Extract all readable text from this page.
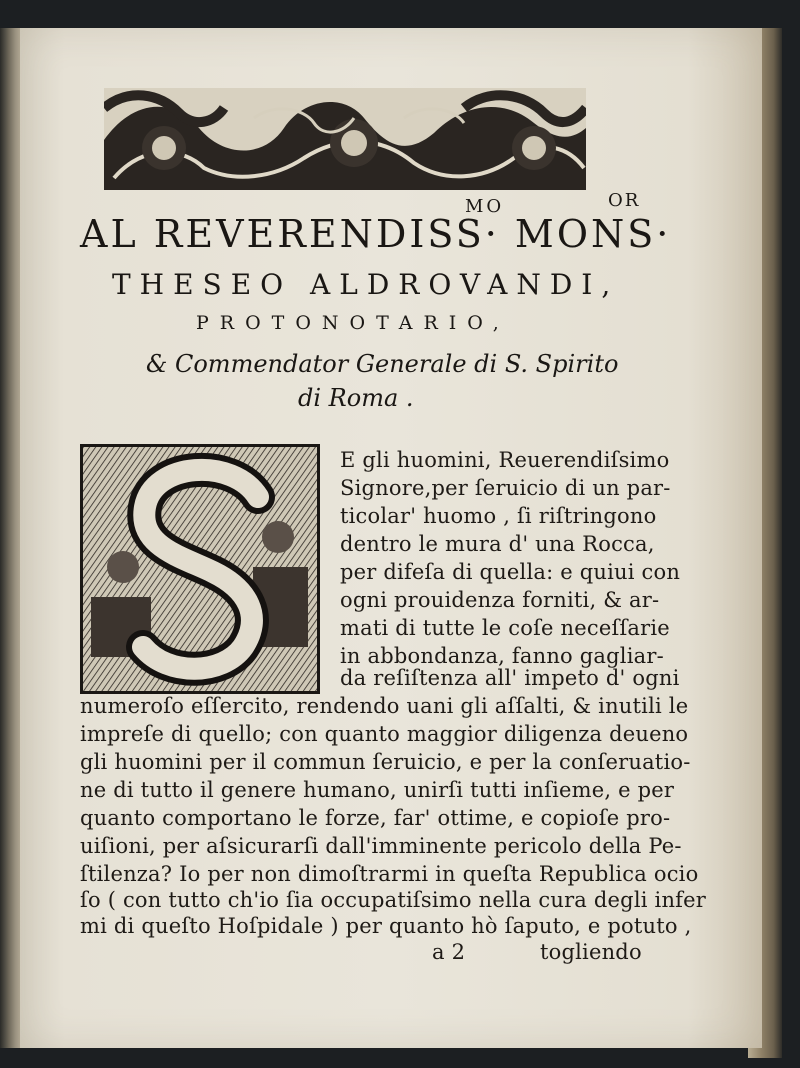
MO	OR
AL REVERENDISS· MONS·
THESEO ALDROVANDI,
PROTONOTARIO,
& Commendator Generale di S. Spirito
di Roma .
E gli huomini, Reuerendiſsimo
Signore,per ſeruicio di un par-
ticolar' huomo , ſi riſtringono
dentro le mura d' una Rocca,
per difeſa di quella: e quiui con
ogni prouidenza forniti, & ar-
mati di tutte le coſe neceſſarie
in abbondanza, fanno gagliar-
da reſiſtenza all' impeto d' ogni
numeroſo eſſercito, rendendo uani gli aſſalti, & inutili le
impreſe di quello; con quanto maggior diligenza deueno
gli huomini per il commun ſeruicio, e per la conſeruatio-
ne di tutto il genere humano, unirſi tutti inſieme, e per
quanto comportano le forze, far' ottime, e copioſe pro-
uiſioni, per aſsicurarſi dall'imminente pericolo della Pe-
ſtilenza? Io per non dimoſtrarmi in queſta Republica ocio
ſo ( con tutto ch'io ſia occupatiſsimo nella cura degli infer
mi di queſto Hoſpidale ) per quanto hò ſaputo, e potuto ,
a 2	togliendo
